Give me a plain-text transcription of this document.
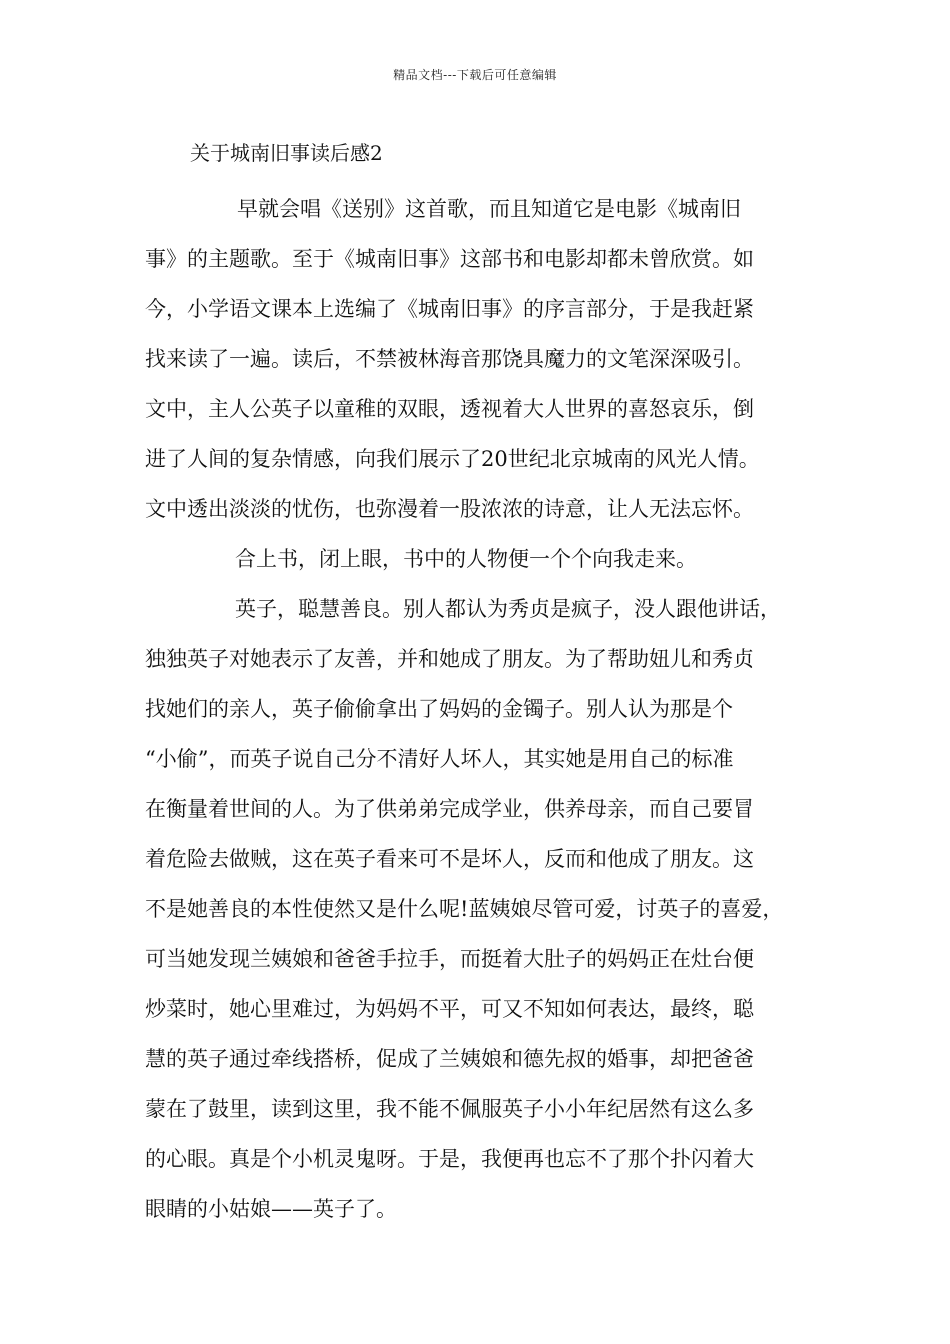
精品文档---下载后可任意编辑
关于城南旧事读后感2
早就会唱《送别》这首歌，而且知道它是电影《城南旧
事》的主题歌。至于《城南旧事》这部书和电影却都未曾欣赏。如
今，小学语文课本上选编了《城南旧事》的序言部分，于是我赶紧
找来读了一遍。读后，不禁被林海音那饶具魔力的文笔深深吸引。
文中，主人公英子以童稚的双眼，透视着大人世界的喜怒哀乐，倒
进了人间的复杂情感，向我们展示了20世纪北京城南的风光人情。
文中透出淡淡的忧伤，也弥漫着一股浓浓的诗意，让人无法忘怀。
合上书，闭上眼，书中的人物便一个个向我走来。
英子，聪慧善良。别人都认为秀贞是疯子，没人跟他讲话，
独独英子对她表示了友善，并和她成了朋友。为了帮助妞儿和秀贞
找她们的亲人，英子偷偷拿出了妈妈的金镯子。别人认为那是个
“小偷”，而英子说自己分不清好人坏人，其实她是用自己的标准
在衡量着世间的人。为了供弟弟完成学业，供养母亲，而自己要冒
着危险去做贼，这在英子看来可不是坏人，反而和他成了朋友。这
不是她善良的本性使然又是什么呢!蓝姨娘尽管可爱，讨英子的喜爱，
可当她发现兰姨娘和爸爸手拉手，而挺着大肚子的妈妈正在灶台便
炒菜时，她心里难过，为妈妈不平，可又不知如何表达，最终，聪
慧的英子通过牵线搭桥，促成了兰姨娘和德先叔的婚事，却把爸爸
蒙在了鼓里，读到这里，我不能不佩服英子小小年纪居然有这么多
的心眼。真是个小机灵鬼呀。于是，我便再也忘不了那个扑闪着大
眼睛的小姑娘——英子了。
